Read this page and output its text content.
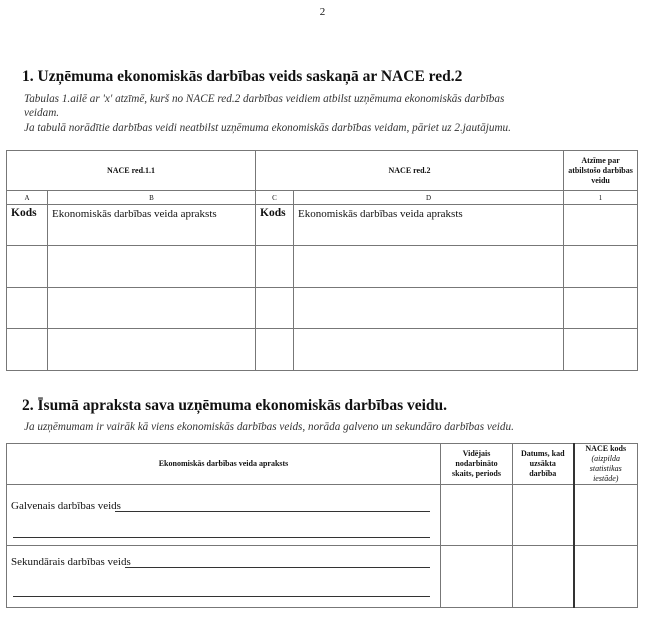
2
1. Uzņēmuma ekonomiskās darbības veids saskaņā ar NACE red.2
Tabulas 1.ailē ar 'x' atzīmē, kurš no NACE red.2 darbības veidiem atbilst uzņēmuma ekonomiskās darbības
veidam.
Ja tabulā norādītie darbības veidi neatbilst uzņēmuma ekonomiskās darbības veidam, pāriet uz 2.jautājumu.
NACE red.1.1		NACE red.2		Atzīme par atbilstošo darbības veidu
A	B	C	D	1
Kods	Ekonomiskās darbības veida apraksts	Kods	Ekonomiskās darbības veida apraksts	

2. Īsumā apraksta sava uzņēmuma ekonomiskās darbības veidu.
Ja uzņēmumam ir vairāk kā viens ekonomiskās darbības veids, norāda galveno un sekundāro darbības veidu.
Ekonomiskās darbības veida apraksts	Vidējais nodarbināto skaits, periods	Datums, kad uzsākta darbība	NACE kods
(aizpilda statistikas iestāde)
Galvenais darbības veids

Sekundārais darbības veids
